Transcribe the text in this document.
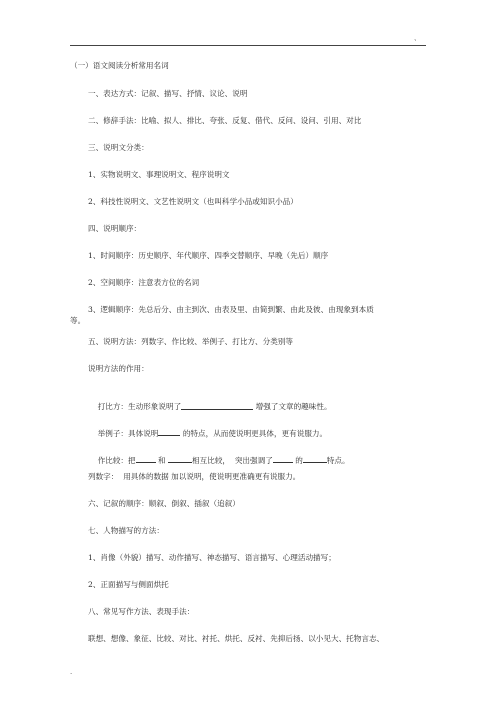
、
.
（一）语文阅读分析常用名词
一、表达方式：记叙、描写、抒情、议论、说明
二、修辞手法：比喻、拟人、排比、夸张、反复、借代、反问、设问、引用、对比
三、说明文分类：
1、实物说明文、事理说明文、程序说明文
2、科技性说明文、文艺性说明文（也叫科学小品或知识小品）
四、说明顺序：
1、时间顺序：历史顺序、年代顺序、四季交替顺序、早晚（先后）顺序
2、空间顺序：注意表方位的名词
3、逻辑顺序：先总后分、由主到次、由表及里、由简到繁、由此及彼、由现象到本质
等。
五、说明方法：列数字、作比较、举例子、打比方、分类别等
说明方法的作用：

打比方：生动形象说明了	增强了文章的趣味性。

举例子：具体说明	的特点，从而使说明更具体，更有说服力。

作比较：把	和	相互比较，  突出强调了	的	特点。

列数字：  用具体的数据 加以说明，使说明更准确更有说服力。
六、记叙的顺序：顺叙、倒叙、插叙（追叙）
七、人物描写的方法：
1、肖像（外貌）描写、动作描写、神态描写、语言描写、心理活动描写；
2、正面描写与侧面烘托
八、常见写作方法、表现手法：
联想、想像、象征、比较、对比、衬托、烘托、反衬、先抑后扬、以小见大、托物言志、
